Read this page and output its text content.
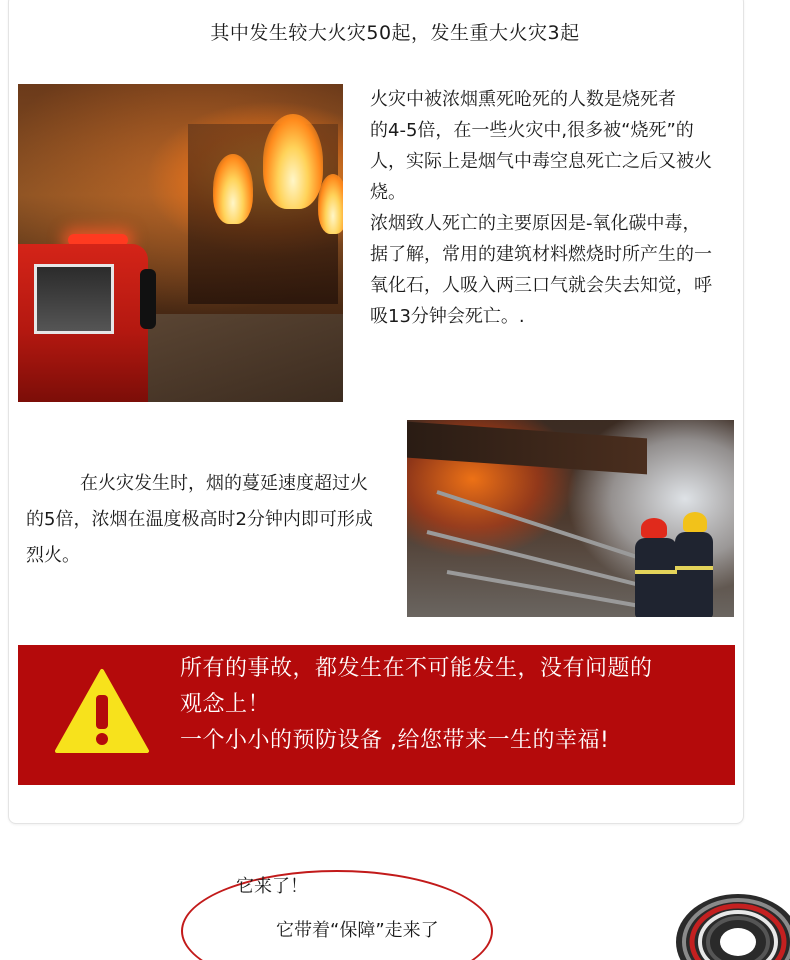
其中发生较大火灾50起，发生重大火灾3起

火灾中被浓烟熏死呛死的人数是烧死者

的4-5倍，在一些火灾中,很多被“烧死”的

人，实际上是烟气中毒空息死亡之后又被火

烧。

浓烟致人死亡的主要原因是-氧化碳中毒，

据了解，常用的建筑材料燃烧时所产生的一

氧化石，人吸入两三口气就会失去知觉，呼

吸13分钟会死亡。.

在火灾发生时，烟的蔓延速度超过火
的5倍，浓烟在温度极高时2分钟内即可形成
烈火。

所有的事故，都发生在不可能发生，没有问题的

观念上！

一个小小的预防设备 ,给您带来一生的幸福!

它来了！
它带着“保障”走来了
